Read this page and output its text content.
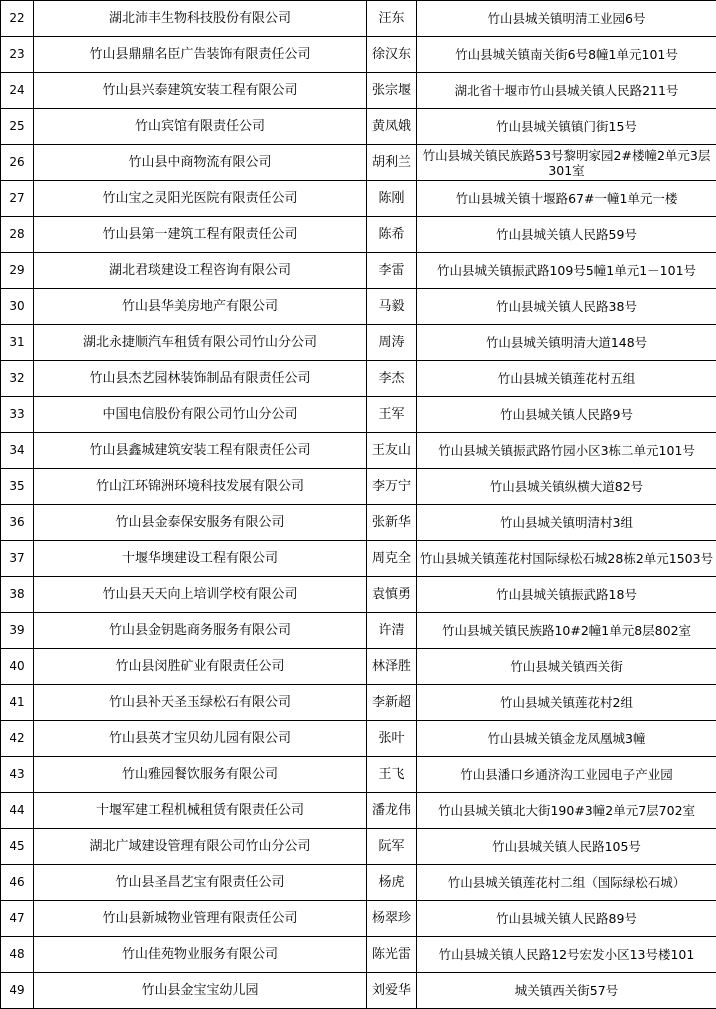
22	湖北沛丰生物科技股份有限公司	汪东	竹山县城关镇明清工业园6号
23	竹山县鼎鼎名臣广告装饰有限责任公司	徐汉东	竹山县城关镇南关街6号8幢1单元101号
24	竹山县兴泰建筑安装工程有限公司	张宗堰	湖北省十堰市竹山县城关镇人民路211号
25	竹山宾馆有限责任公司	黄凤娥	竹山县城关镇镇门街15号
26	竹山县中商物流有限公司	胡利兰	竹山县城关镇民族路53号黎明家园2#楼幢2单元3层301室
27	竹山宝之灵阳光医院有限责任公司	陈刚	竹山县城关镇十堰路67#一幢1单元一楼
28	竹山县第一建筑工程有限责任公司	陈希	竹山县城关镇人民路59号
29	湖北君琰建设工程咨询有限公司	李雷	竹山县城关镇振武路109号5幢1单元1－101号
30	竹山县华美房地产有限公司	马毅	竹山县城关镇人民路38号
31	湖北永捷顺汽车租赁有限公司竹山分公司	周涛	竹山县城关镇明清大道148号
32	竹山县杰艺园林装饰制品有限责任公司	李杰	竹山县城关镇莲花村五组
33	中国电信股份有限公司竹山分公司	王军	竹山县城关镇人民路9号
34	竹山县鑫城建筑安装工程有限责任公司	王友山	竹山县城关镇振武路竹园小区3栋二单元101号
35	竹山江环锦洲环境科技发展有限公司	李万宁	竹山县城关镇纵横大道82号
36	竹山县金泰保安服务有限公司	张新华	竹山县城关镇明清村3组
37	十堰华墺建设工程有限公司	周克全	竹山县城关镇莲花村国际绿松石城28栋2单元1503号
38	竹山县天天向上培训学校有限公司	袁慎勇	竹山县城关镇振武路18号
39	竹山县金钥匙商务服务有限公司	许清	竹山县城关镇民族路10#2幢1单元8层802室
40	竹山县闵胜矿业有限责任公司	林泽胜	竹山县城关镇西关街
41	竹山县补天圣玉绿松石有限公司	李新超	竹山县城关镇莲花村2组
42	竹山县英才宝贝幼儿园有限公司	张叶	竹山县城关镇金龙凤凰城3幢
43	竹山雅园餐饮服务有限公司	王飞	竹山县潘口乡通济沟工业园电子产业园
44	十堰军建工程机械租赁有限责任公司	潘龙伟	竹山县城关镇北大街190#3幢2单元7层702室
45	湖北广域建设管理有限公司竹山分公司	阮军	竹山县城关镇人民路105号
46	竹山县圣昌艺宝有限责任公司	杨虎	竹山县城关镇莲花村二组（国际绿松石城）
47	竹山县新城物业管理有限责任公司	杨翠珍	竹山县城关镇人民路89号
48	竹山佳苑物业服务有限公司	陈光雷	竹山县城关镇人民路12号宏发小区13号楼101
49	竹山县金宝宝幼儿园	刘爱华	城关镇西关街57号
